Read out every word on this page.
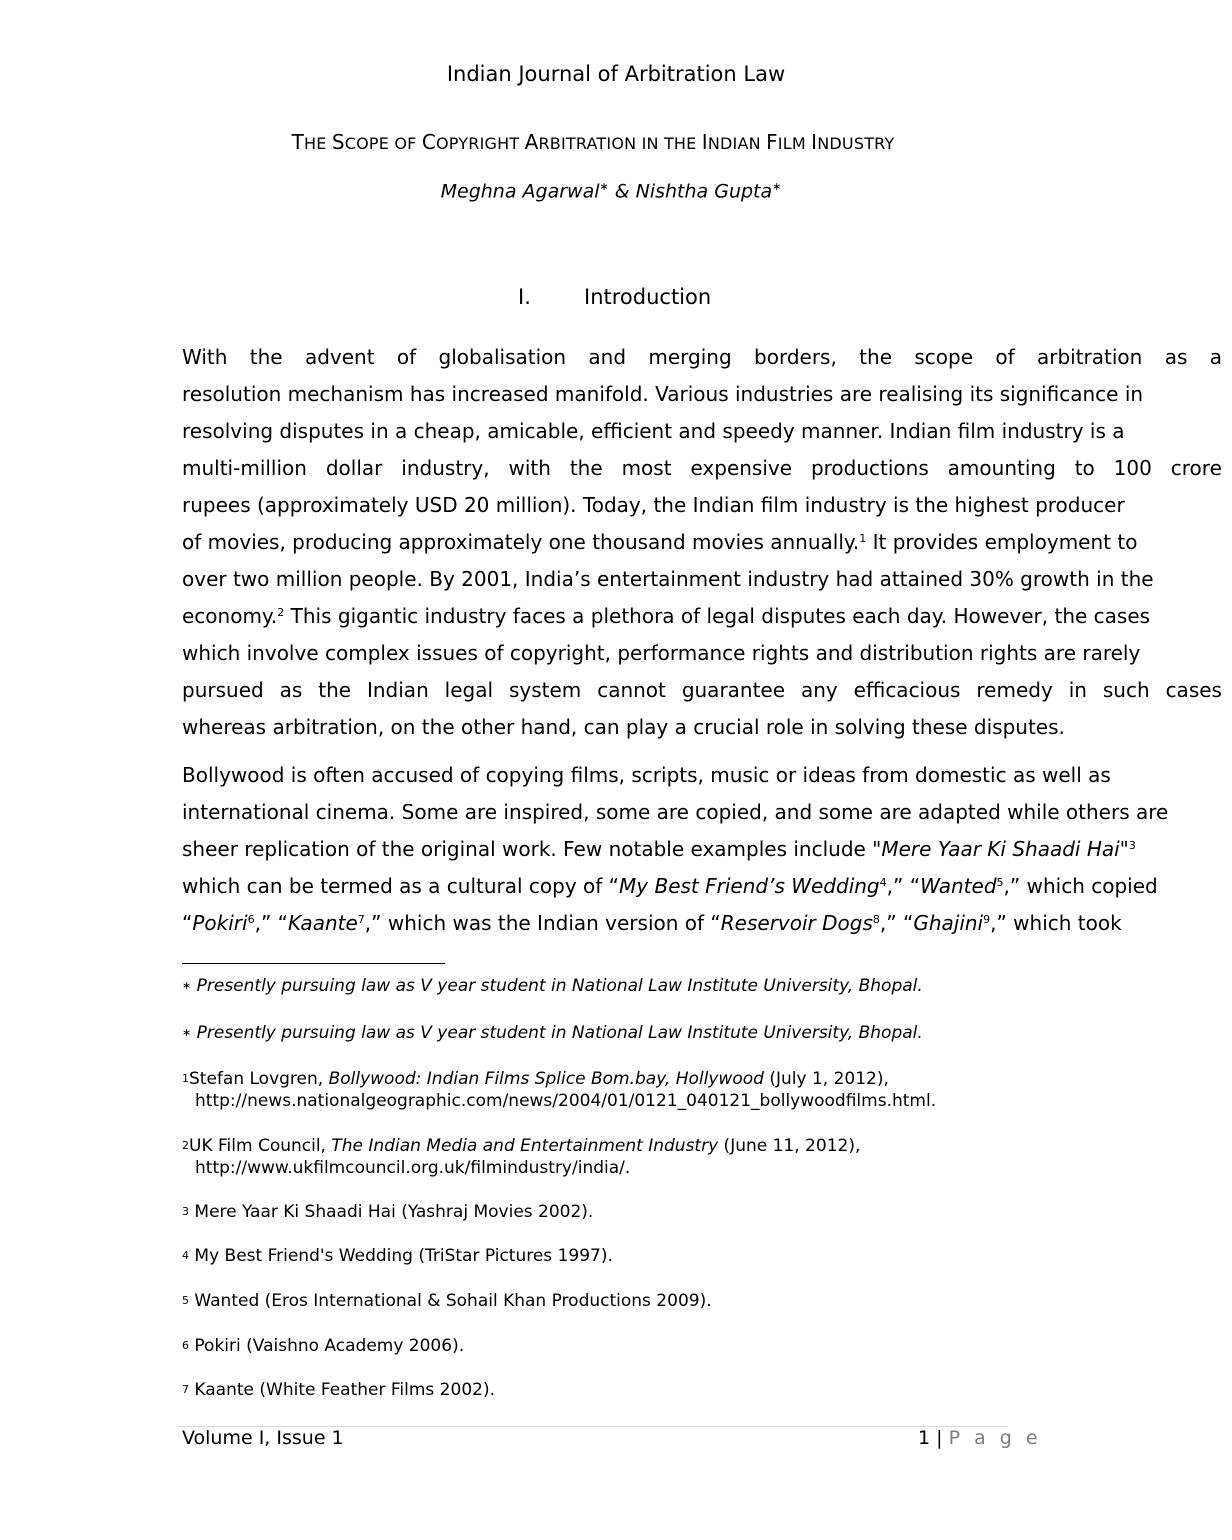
Indian Journal of Arbitration Law
THE SCOPE OF COPYRIGHT ARBITRATION IN THE INDIAN FILM INDUSTRY
Meghna Agarwal∗ & Nishtha Gupta∗
I.	Introduction
With the advent of globalisation and merging borders, the scope of arbitration as a
resolution mechanism has increased manifold. Various industries are realising its significance in
resolving disputes in a cheap, amicable, efficient and speedy manner. Indian film industry is a
multi-million dollar industry, with the most expensive productions amounting to 100 crore
rupees (approximately USD 20 million). Today, the Indian film industry is the highest producer
of movies, producing approximately one thousand movies annually.$^1$ It provides employment to
over two million people. By 2001, India’s entertainment industry had attained 30% growth in the
economy.$^2$ This gigantic industry faces a plethora of legal disputes each day. However, the cases
which involve complex issues of copyright, performance rights and distribution rights are rarely
pursued as the Indian legal system cannot guarantee any efficacious remedy in such cases
whereas arbitration, on the other hand, can play a crucial role in solving these disputes.
Bollywood is often accused of copying films, scripts, music or ideas from domestic as well as
international cinema. Some are inspired, some are copied, and some are adapted while others are
sheer replication of the original work. Few notable examples include "Mere Yaar Ki Shaadi Hai"$^3$
which can be termed as a cultural copy of “My Best Friend’s Wedding$^4$,” “Wanted$^5$,” which copied
“Pokiri$^6$,” “Kaante$^7$,” which was the Indian version of “Reservoir Dogs$^8$,” “Ghajini$^9$,” which took
∗ Presently pursuing law as V year student in National Law Institute University, Bhopal.
∗ Presently pursuing law as V year student in National Law Institute University, Bhopal.
$^1$Stefan Lovgren, Bollywood: Indian Films Splice Bom.bay, Hollywood (July 1, 2012),
http://news.nationalgeographic.com/news/2004/01/0121_040121_bollywoodfilms.html.
$^2$UK Film Council, The Indian Media and Entertainment Industry (June 11, 2012),
http://www.ukfilmcouncil.org.uk/filmindustry/india/.
$^3$ Mere Yaar Ki Shaadi Hai (Yashraj Movies 2002).
$^4$ My Best Friend's Wedding (TriStar Pictures 1997).
$^5$ Wanted (Eros International & Sohail Khan Productions 2009).
$^6$ Pokiri (Vaishno Academy 2006).
$^7$ Kaante (White Feather Films 2002).
Volume I, Issue 1	1 | P a g e
